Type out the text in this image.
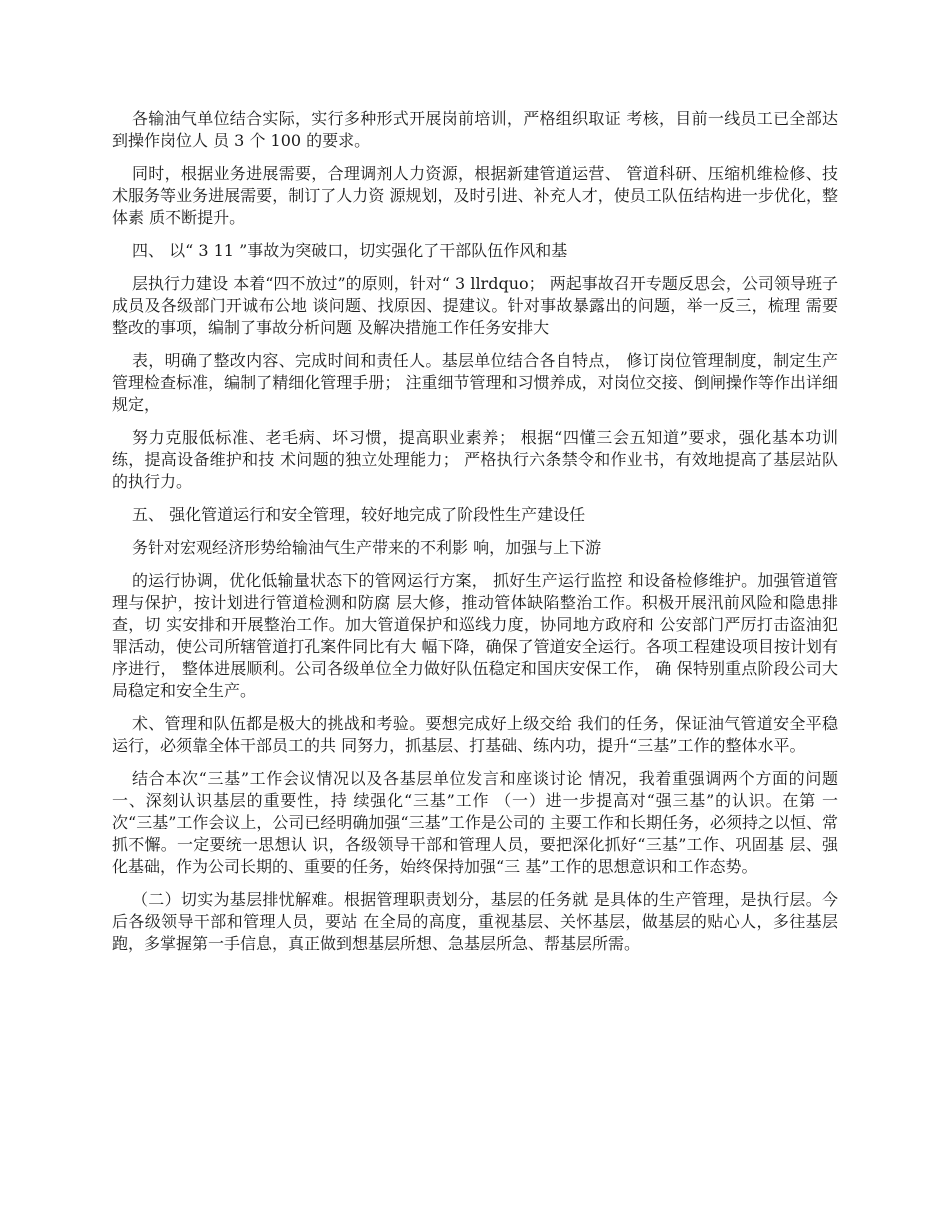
各输油气单位结合实际，实行多种形式开展岗前培训，严格组织取证 考核，目前一线员工已全部达到操作岗位人 员 3 个 100 的要求。

同时，根据业务进展需要，合理调剂人力资源，根据新建管道运营、 管道科研、压缩机维检修、技术服务等业务进展需要，制订了人力资 源规划，及时引进、补充人才，使员工队伍结构进一步优化，整体素 质不断提升。

四、 以“ 3 11 ”事故为突破口，切实强化了干部队伍作风和基

层执行力建设 本着“四不放过”的原则，针对“ 3 llrdquo； 两起事故召开专题反思会，公司领导班子成员及各级部门开诚布公地 谈问题、找原因、提建议。针对事故暴露出的问题，举一反三，梳理 需要整改的事项，编制了事故分析问题 及解决措施工作任务安排大

表，明确了整改内容、完成时间和责任人。基层单位结合各自特点， 修订岗位管理制度，制定生产管理检查标准，编制了精细化管理手册； 注重细节管理和习惯养成，对岗位交接、倒闸操作等作出详细规定，

努力克服低标准、老毛病、坏习惯，提高职业素养； 根据“四懂三会五知道”要求，强化基本功训练，提高设备维护和技 术问题的独立处理能力； 严格执行六条禁令和作业书，有效地提高了基层站队的执行力。

五、 强化管道运行和安全管理，较好地完成了阶段性生产建设任

务针对宏观经济形势给输油气生产带来的不利影 响，加强与上下游

的运行协调，优化低输量状态下的管网运行方案， 抓好生产运行监控 和设备检修维护。加强管道管理与保护，按计划进行管道检测和防腐 层大修，推动管体缺陷整治工作。积极开展汛前风险和隐患排查，切 实安排和开展整治工作。加大管道保护和巡线力度，协同地方政府和 公安部门严厉打击盗油犯罪活动，使公司所辖管道打孔案件同比有大 幅下降，确保了管道安全运行。各项工程建设项目按计划有序进行， 整体进展顺利。公司各级单位全力做好队伍稳定和国庆安保工作， 确 保特别重点阶段公司大局稳定和安全生产。

术、管理和队伍都是极大的挑战和考验。要想完成好上级交给 我们的任务，保证油气管道安全平稳运行，必须靠全体干部员工的共 同努力，抓基层、打基础、练内功，提升“三基”工作的整体水平。

结合本次“三基”工作会议情况以及各基层单位发言和座谈讨论 情况，我着重强调两个方面的问题 一、深刻认识基层的重要性，持 续强化“三基”工作 （一）进一步提高对“强三基”的认识。在第 一次“三基”工作会议上，公司已经明确加强“三基”工作是公司的 主要工作和长期任务，必须持之以恒、常抓不懈。一定要统一思想认 识，各级领导干部和管理人员，要把深化抓好“三基”工作、巩固基 层、强 化基础，作为公司长期的、重要的任务，始终保持加强“三 基”工作的思想意识和工作态势。

（二）切实为基层排忧解难。根据管理职责划分，基层的任务就 是具体的生产管理，是执行层。今后各级领导干部和管理人员，要站 在全局的高度，重视基层、关怀基层，做基层的贴心人，多往基层跑，多掌握第一手信息，真正做到想基层所想、急基层所急、帮基层所需。
